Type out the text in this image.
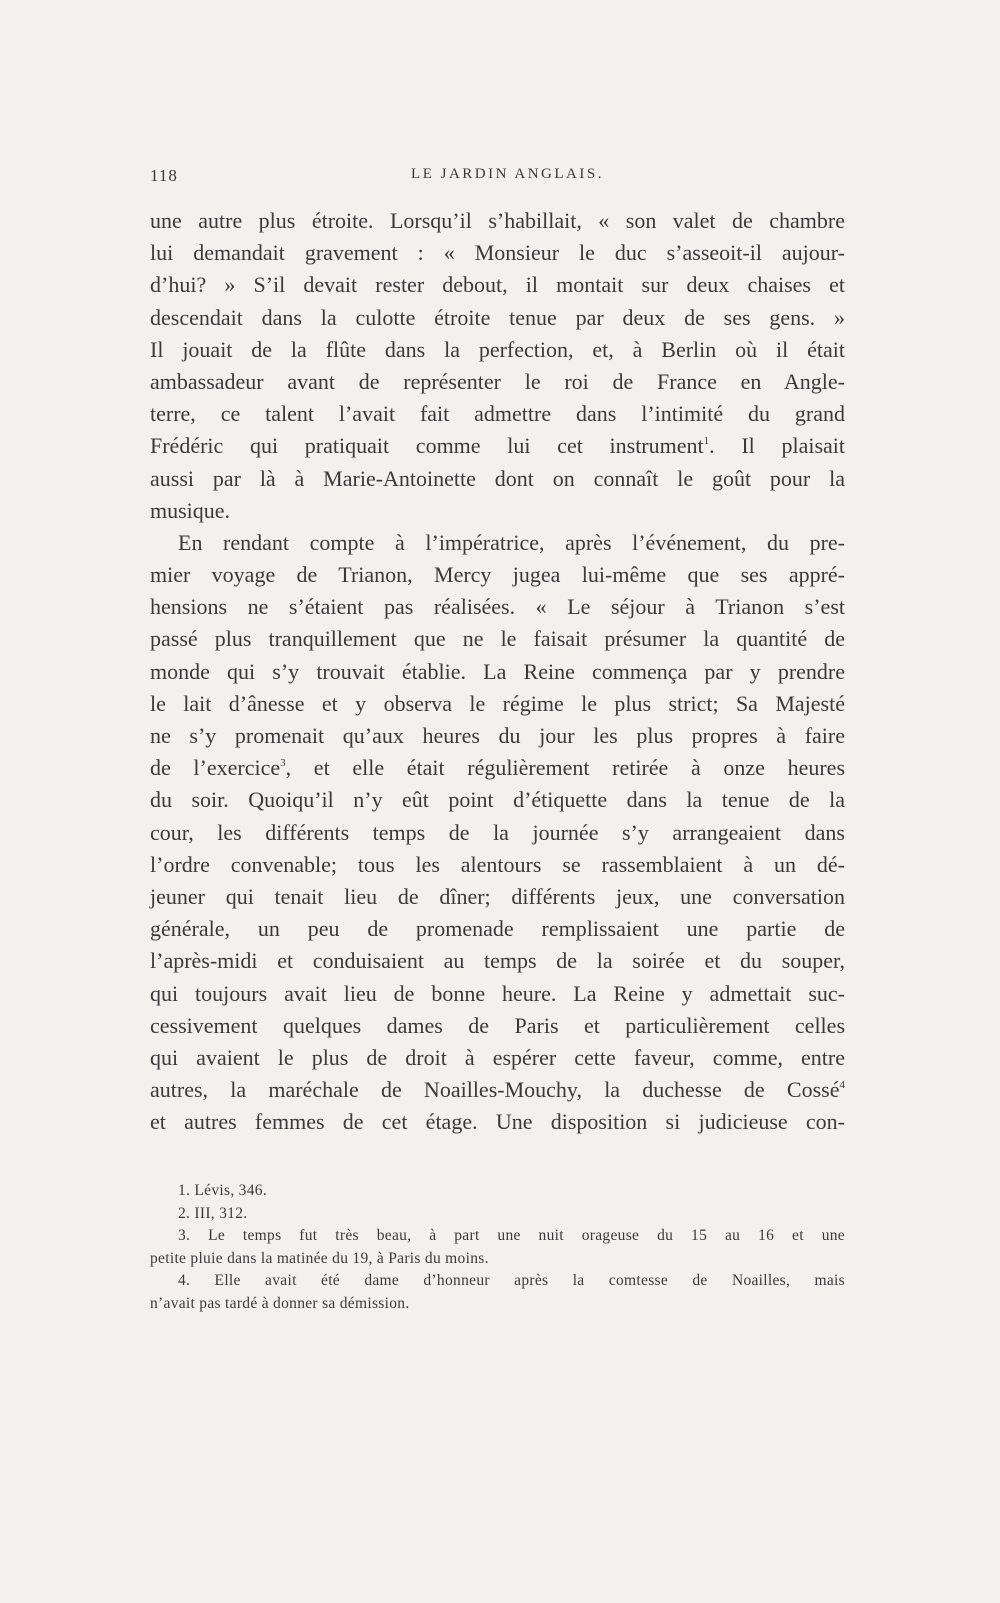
118	LE JARDIN ANGLAIS.
une autre plus étroite. Lorsqu’il s’habillait, « son valet de chambre
lui demandait gravement : « Monsieur le duc s’asseoit-il aujour-
d’hui? » S’il devait rester debout, il montait sur deux chaises et
descendait dans la culotte étroite tenue par deux de ses gens. »
Il jouait de la flûte dans la perfection, et, à Berlin où il était
ambassadeur avant de représenter le roi de France en Angle-
terre, ce talent l’avait fait admettre dans l’intimité du grand
Frédéric qui pratiquait comme lui cet instrument$^1$. Il plaisait
aussi par là à Marie-Antoinette dont on connaît le goût pour la
musique.
En rendant compte à l’impératrice, après l’événement, du pre-
mier voyage de Trianon, Mercy jugea lui-même que ses appré-
hensions ne s’étaient pas réalisées. « Le séjour à Trianon s’est
passé plus tranquillement que ne le faisait présumer la quantité de
monde qui s’y trouvait établie. La Reine commença par y prendre
le lait d’ânesse et y observa le régime le plus strict; Sa Majesté
ne s’y promenait qu’aux heures du jour les plus propres à faire
de l’exercice$^3$, et elle était régulièrement retirée à onze heures
du soir. Quoiqu’il n’y eût point d’étiquette dans la tenue de la
cour, les différents temps de la journée s’y arrangeaient dans
l’ordre convenable; tous les alentours se rassemblaient à un dé-
jeuner qui tenait lieu de dîner; différents jeux, une conversation
générale, un peu de promenade remplissaient une partie de
l’après-midi et conduisaient au temps de la soirée et du souper,
qui toujours avait lieu de bonne heure. La Reine y admettait suc-
cessivement quelques dames de Paris et particulièrement celles
qui avaient le plus de droit à espérer cette faveur, comme, entre
autres, la maréchale de Noailles-Mouchy, la duchesse de Cossé$^4$
et autres femmes de cet étage. Une disposition si judicieuse con-
1. Lévis, 346.
2. III, 312.
3. Le temps fut très beau, à part une nuit orageuse du 15 au 16 et une
petite pluie dans la matinée du 19, à Paris du moins.
4. Elle avait été dame d’honneur après la comtesse de Noailles, mais
n’avait pas tardé à donner sa démission.
